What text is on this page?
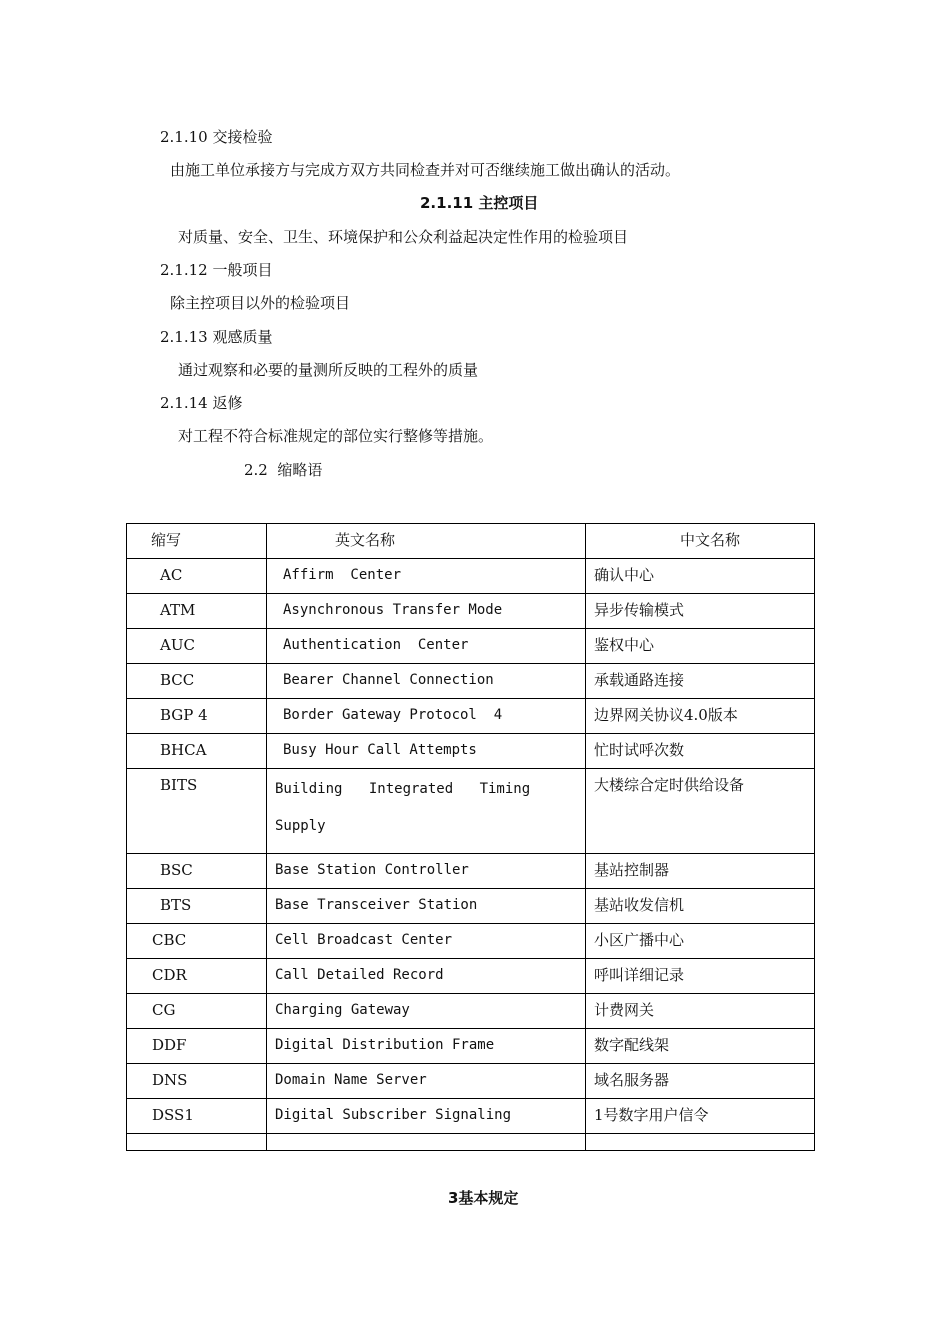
2.1.10 交接检验
由施工单位承接方与完成方双方共同检查并对可否继续施工做出确认的活动。
2.1.11 主控项目
对质量、安全、卫生、环境保护和公众利益起决定性作用的检验项目
2.1.12 一般项目
除主控项目以外的检验项目
2.1.13 观感质量
通过观察和必要的量测所反映的工程外的质量
2.1.14 返修
对工程不符合标准规定的部位实行整修等措施。
2.2  缩略语
缩写	英文名称	中文名称
AC	Affirm  Center	确认中心
ATM	Asynchronous Transfer Mode	异步传输模式
AUC	Authentication  Center	鉴权中心
BCC	Bearer Channel Connection	承载通路连接
BGP 4	Border Gateway Protocol  4	边界网关协议4.0版本
BHCA	Busy Hour Call Attempts	忙时试呼次数
BITS	Building Integrated Timing Supply	大楼综合定时供给设备
BSC	Base Station Controller	基站控制器
BTS	Base Transceiver Station	基站收发信机
CBC	Cell Broadcast Center	小区广播中心
CDR	Call Detailed Record	呼叫详细记录
CG	Charging Gateway	计费网关
DDF	Digital Distribution Frame	数字配线架
DNS	Domain Name Server	域名服务器
DSS1	Digital Subscriber Signaling	1号数字用户信令

3基本规定
